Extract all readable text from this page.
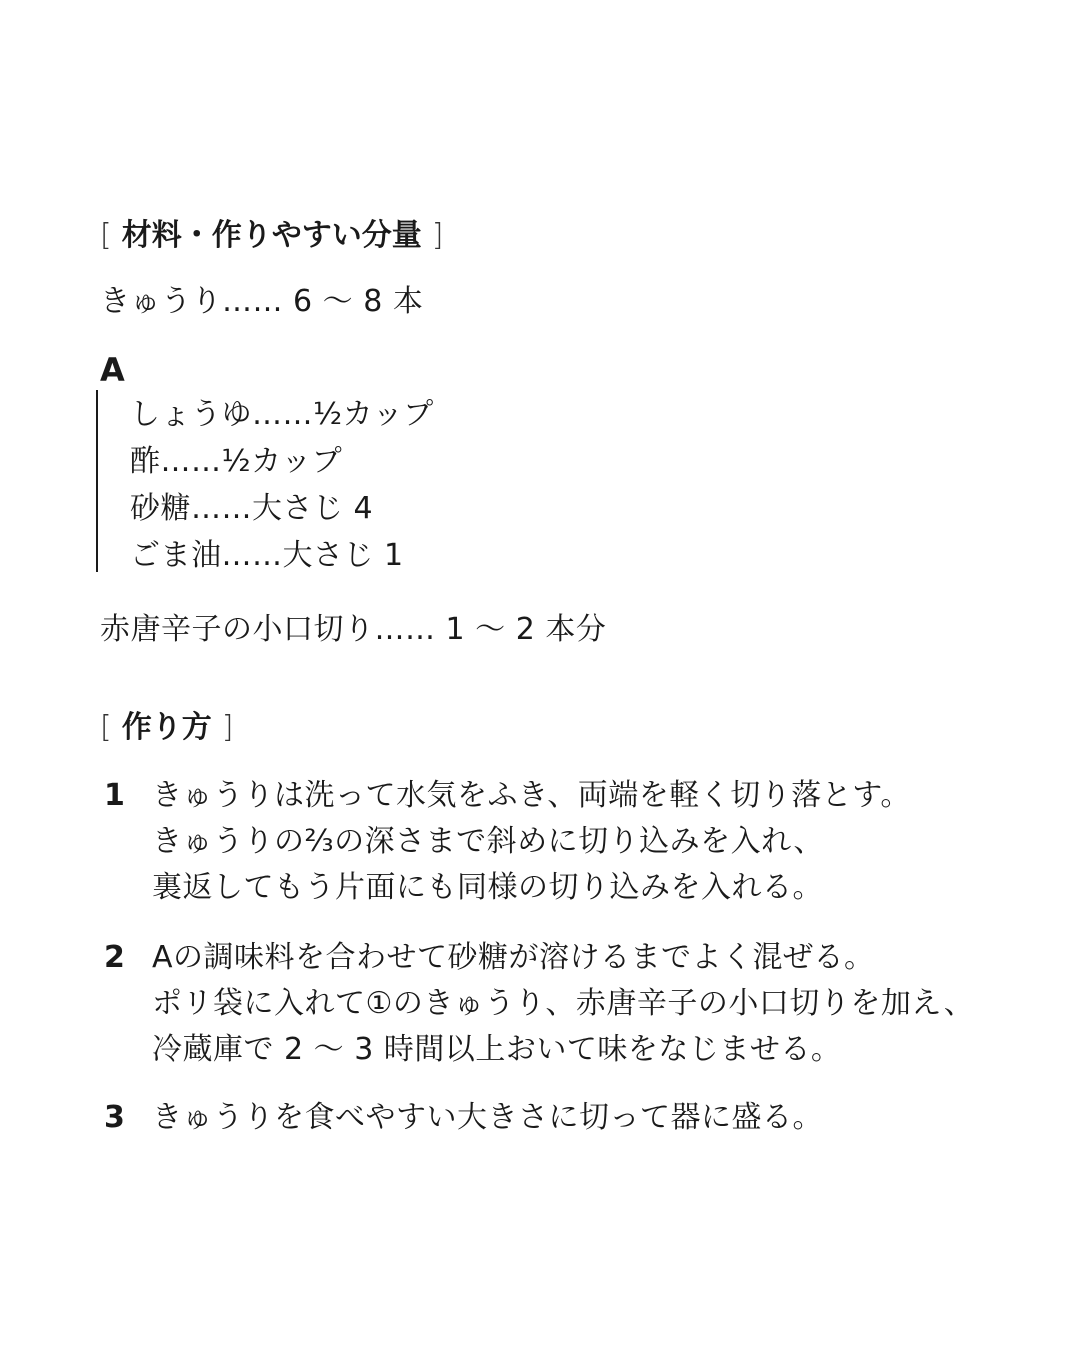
[ 材料・作りやすい分量 ]
きゅうり…… 6 〜 8 本
A
しょうゆ……½カップ
酢……½カップ
砂糖……大さじ 4
ごま油……大さじ 1
赤唐辛子の小口切り…… 1 〜 2 本分
[ 作り方 ]
1 きゅうりは洗って水気をふき、両端を軽く切り落とす。
きゅうりの⅔の深さまで斜めに切り込みを入れ、
裏返してもう片面にも同様の切り込みを入れる。
2 Aの調味料を合わせて砂糖が溶けるまでよく混ぜる。
ポリ袋に入れて①のきゅうり、赤唐辛子の小口切りを加え、
冷蔵庫で 2 〜 3 時間以上おいて味をなじませる。
3 きゅうりを食べやすい大きさに切って器に盛る。
